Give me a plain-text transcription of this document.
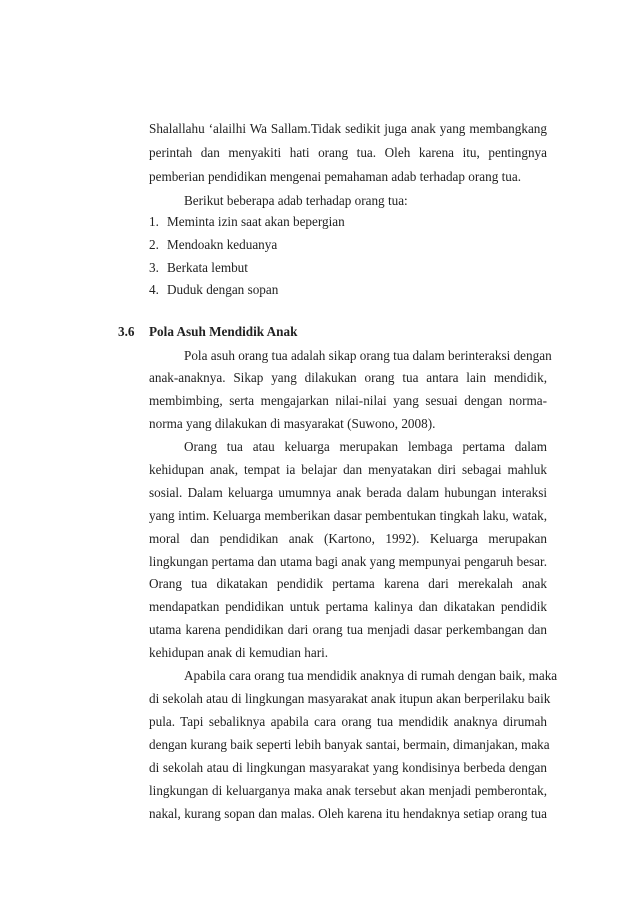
Shalallahu ‘alailhi Wa Sallam.Tidak sedikit juga anak yang membangkang
perintah dan menyakiti hati orang tua. Oleh karena itu, pentingnya
pemberian pendidikan mengenai pemahaman adab terhadap orang tua.
Berikut beberapa adab terhadap orang tua:
1. Meminta izin saat akan bepergian
2. Mendoakn keduanya
3. Berkata lembut
4. Duduk dengan sopan
3.6 Pola Asuh Mendidik Anak
Pola asuh orang tua adalah sikap orang tua dalam berinteraksi dengan
anak-anaknya. Sikap yang dilakukan orang tua antara lain mendidik,
membimbing, serta mengajarkan nilai-nilai yang sesuai dengan norma-
norma yang dilakukan di masyarakat (Suwono, 2008).
Orang tua atau keluarga merupakan lembaga pertama dalam
kehidupan anak, tempat ia belajar dan menyatakan diri sebagai mahluk
sosial. Dalam keluarga umumnya anak berada dalam hubungan interaksi
yang intim. Keluarga memberikan dasar pembentukan tingkah laku, watak,
moral dan pendidikan anak (Kartono, 1992). Keluarga merupakan
lingkungan pertama dan utama bagi anak yang mempunyai pengaruh besar.
Orang tua dikatakan pendidik pertama karena dari merekalah anak
mendapatkan pendidikan untuk pertama kalinya dan dikatakan pendidik
utama karena pendidikan dari orang tua menjadi dasar perkembangan dan
kehidupan anak di kemudian hari.
Apabila cara orang tua mendidik anaknya di rumah dengan baik, maka
di sekolah atau di lingkungan masyarakat anak itupun akan berperilaku baik
pula. Tapi sebaliknya apabila cara orang tua mendidik anaknya dirumah
dengan kurang baik seperti lebih banyak santai, bermain, dimanjakan, maka
di sekolah atau di lingkungan masyarakat yang kondisinya berbeda dengan
lingkungan di keluarganya maka anak tersebut akan menjadi pemberontak,
nakal, kurang sopan dan malas. Oleh karena itu hendaknya setiap orang tua
